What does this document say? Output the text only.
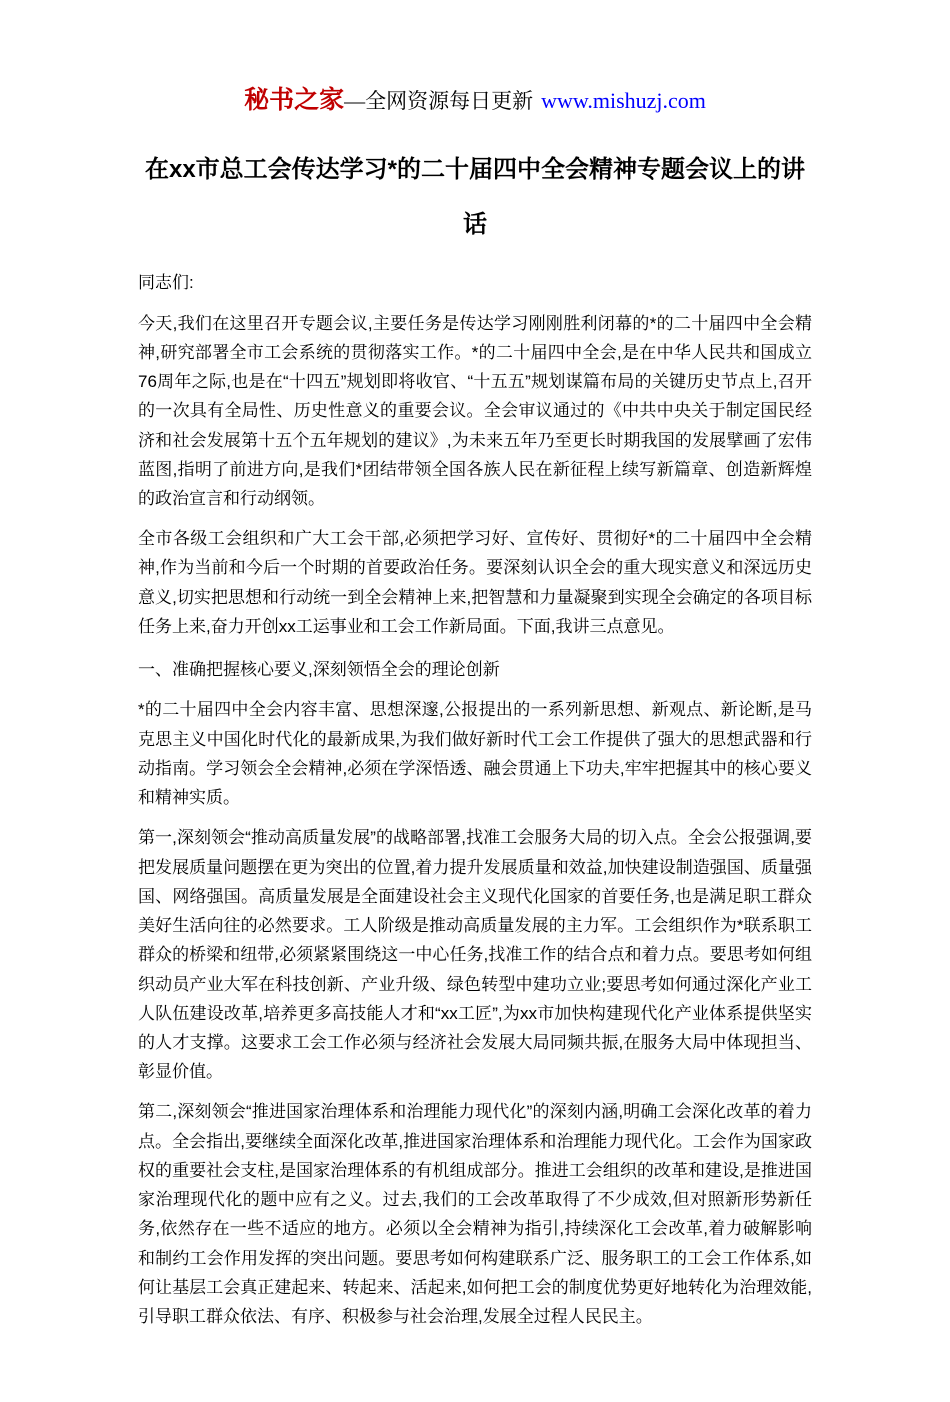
秘书之家—全网资源每日更新 www.mishuzj.com
在xx市总工会传达学习*的二十届四中全会精神专题会议上的讲话

同志们:

今天,我们在这里召开专题会议,主要任务是传达学习刚刚胜利闭幕的*的二十届四中全会精神,研究部署全市工会系统的贯彻落实工作。*的二十届四中全会,是在中华人民共和国成立76周年之际,也是在“十四五”规划即将收官、“十五五”规划谋篇布局的关键历史节点上,召开的一次具有全局性、历史性意义的重要会议。全会审议通过的《中共中央关于制定国民经济和社会发展第十五个五年规划的建议》,为未来五年乃至更长时期我国的发展擘画了宏伟蓝图,指明了前进方向,是我们*团结带领全国各族人民在新征程上续写新篇章、创造新辉煌的政治宣言和行动纲领。

全市各级工会组织和广大工会干部,必须把学习好、宣传好、贯彻好*的二十届四中全会精神,作为当前和今后一个时期的首要政治任务。要深刻认识全会的重大现实意义和深远历史意义,切实把思想和行动统一到全会精神上来,把智慧和力量凝聚到实现全会确定的各项目标任务上来,奋力开创xx工运事业和工会工作新局面。下面,我讲三点意见。

一、准确把握核心要义,深刻领悟全会的理论创新

*的二十届四中全会内容丰富、思想深邃,公报提出的一系列新思想、新观点、新论断,是马克思主义中国化时代化的最新成果,为我们做好新时代工会工作提供了强大的思想武器和行动指南。学习领会全会精神,必须在学深悟透、融会贯通上下功夫,牢牢把握其中的核心要义和精神实质。

第一,深刻领会“推动高质量发展”的战略部署,找准工会服务大局的切入点。全会公报强调,要把发展质量问题摆在更为突出的位置,着力提升发展质量和效益,加快建设制造强国、质量强国、网络强国。高质量发展是全面建设社会主义现代化国家的首要任务,也是满足职工群众美好生活向往的必然要求。工人阶级是推动高质量发展的主力军。工会组织作为*联系职工群众的桥梁和纽带,必须紧紧围绕这一中心任务,找准工作的结合点和着力点。要思考如何组织动员产业大军在科技创新、产业升级、绿色转型中建功立业;要思考如何通过深化产业工人队伍建设改革,培养更多高技能人才和“xx工匠”,为xx市加快构建现代化产业体系提供坚实的人才支撑。这要求工会工作必须与经济社会发展大局同频共振,在服务大局中体现担当、彰显价值。

第二,深刻领会“推进国家治理体系和治理能力现代化”的深刻内涵,明确工会深化改革的着力点。全会指出,要继续全面深化改革,推进国家治理体系和治理能力现代化。工会作为国家政权的重要社会支柱,是国家治理体系的有机组成部分。推进工会组织的改革和建设,是推进国家治理现代化的题中应有之义。过去,我们的工会改革取得了不少成效,但对照新形势新任务,依然存在一些不适应的地方。必须以全会精神为指引,持续深化工会改革,着力破解影响和制约工会作用发挥的突出问题。要思考如何构建联系广泛、服务职工的工会工作体系,如何让基层工会真正建起来、转起来、活起来,如何把工会的制度优势更好地转化为治理效能,引导职工群众依法、有序、积极参与社会治理,发展全过程人民民主。
